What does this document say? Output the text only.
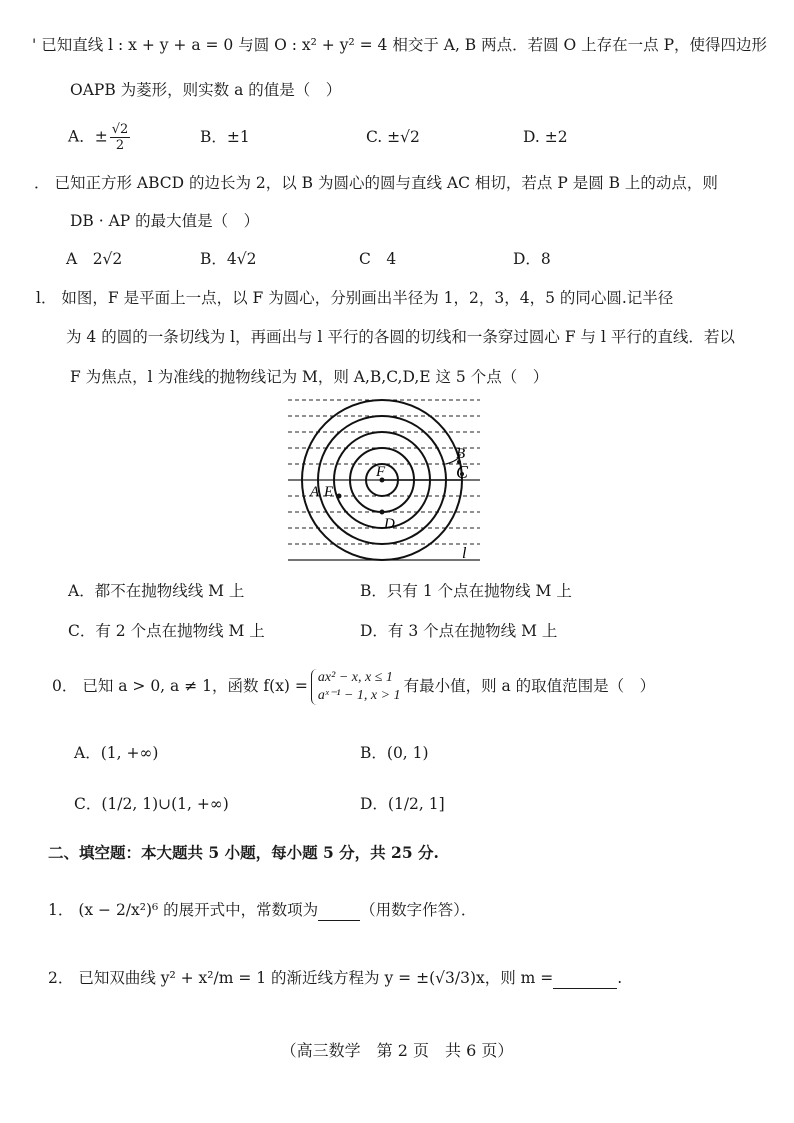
' 已知直线 l : x + y + a = 0 与圆 O : x² + y² = 4 相交于 A, B 两点．若圆 O 上存在一点 P，使得四边形
OAPB 为菱形，则实数 a 的值是（　）
A．± $\frac{√2}{2}$	B．±1	C. ±√2	D. ±2
． 已知正方形 ABCD 的边长为 2，以 B 为圆心的圆与直线 AC 相切，若点 P 是圆 B 上的动点，则
DB · AP 的最大值是（　）
A　2√2	B．4√2	C　4	D．8
l． 如图，F 是平面上一点，以 F 为圆心，分别画出半径为 1，2，3，4，5 的同心圆.记半径
为 4 的圆的一条切线为 l，再画出与 l 平行的各圆的切线和一条穿过圆心 F 与 l 平行的直线．若以
F 为焦点，l 为准线的抛物线记为 M，则 A,B,C,D,E 这 5 个点（　）
F
A E
D
B
C
l
A．都不在抛物线线 M 上	B．只有 1 个点在抛物线 M 上
C．有 2 个点在抛物线 M 上	D．有 3 个点在抛物线 M 上
0． 已知 a > 0, a ≠ 1，函数 f(x) = ax² − x, x ≤ 1
aˣ⁻¹ − 1, x > 1
有最小值，则 a 的取值范围是（　）
A．(1, +∞)	B．(0, 1)
C．(1/2, 1)∪(1, +∞)	D．(1/2, 1]
二、填空题：本大题共 5 小题，每小题 5 分，共 25 分.
1． (x − 2/x²)⁶ 的展开式中，常数项为	（用数字作答）．
2． 已知双曲线 y² + x²/m = 1 的渐近线方程为 y = ±(√3/3)x，则 m =	.
（高三数学　第 2 页　共 6 页）
